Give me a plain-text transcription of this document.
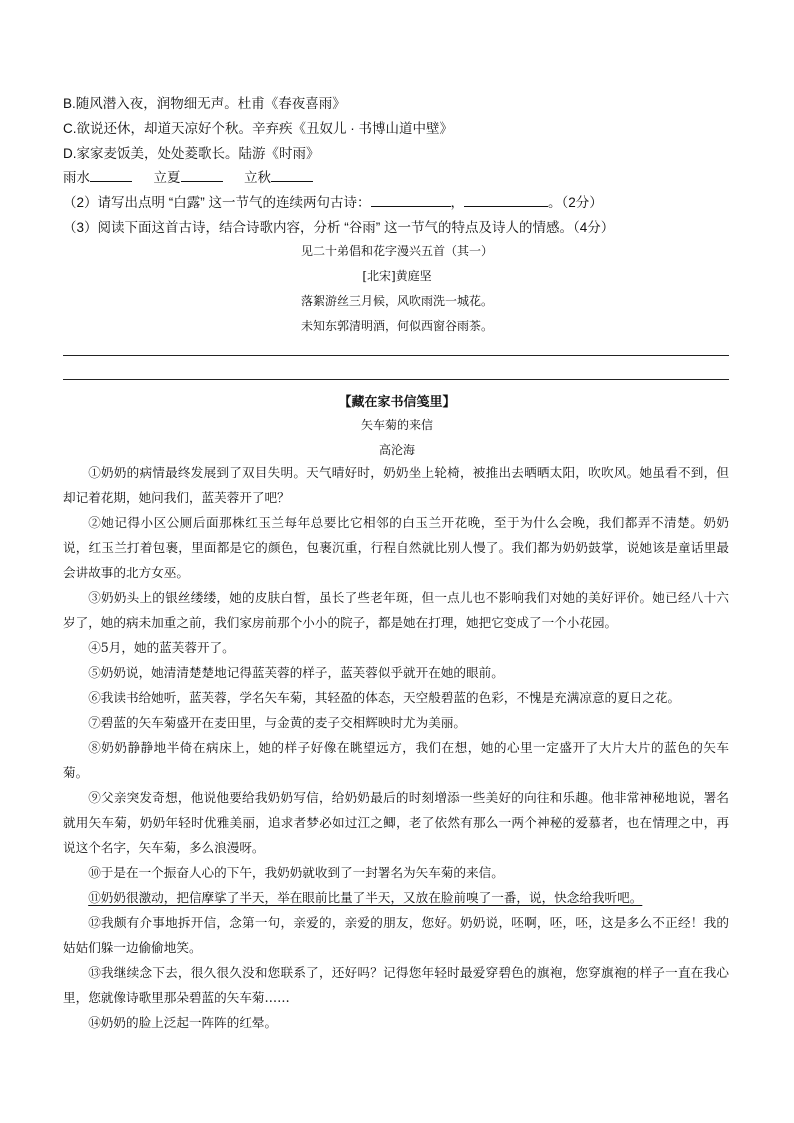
B.随风潜入夜，润物细无声。杜甫《春夜喜雨》
C.欲说还休，却道天凉好个秋。辛弃疾《丑奴儿 · 书博山道中壁》
D.家家麦饭美，处处菱歌长。陆游《时雨》
雨水	立夏	立秋
（2）请写出点明 “白露” 这一节气的连续两句古诗：	，	。（2分）
（3）阅读下面这首古诗，结合诗歌内容，分析 “谷雨” 这一节气的特点及诗人的情感。（4分）
见二十弟倡和花字漫兴五首（其一）
[北宋]黄庭坚
落絮游丝三月候，风吹雨洗一城花。
未知东郭清明酒，何似西窗谷雨茶。
【藏在家书信笺里】
矢车菊的来信
高沦海
①奶奶的病情最终发展到了双目失明。天气晴好时，奶奶坐上轮椅，被推出去晒晒太阳，吹吹风。她虽看不到，但却记着花期，她问我们，蓝芙蓉开了吧？
②她记得小区公厕后面那株红玉兰每年总要比它相邻的白玉兰开花晚，至于为什么会晚，我们都弄不清楚。奶奶说，红玉兰打着包裹，里面都是它的颜色，包裹沉重，行程自然就比别人慢了。我们都为奶奶鼓掌，说她该是童话里最会讲故事的北方女巫。
③奶奶头上的银丝缕缕，她的皮肤白皙，虽长了些老年斑，但一点儿也不影响我们对她的美好评价。她已经八十六岁了，她的病未加重之前，我们家房前那个小小的院子，都是她在打理，她把它变成了一个小花园。
④5月，她的蓝芙蓉开了。
⑤奶奶说，她清清楚楚地记得蓝芙蓉的样子，蓝芙蓉似乎就开在她的眼前。
⑥我读书给她听，蓝芙蓉，学名矢车菊，其轻盈的体态，天空般碧蓝的色彩，不愧是充满凉意的夏日之花。
⑦碧蓝的矢车菊盛开在麦田里，与金黄的麦子交相辉映时尤为美丽。
⑧奶奶静静地半倚在病床上，她的样子好像在眺望远方，我们在想，她的心里一定盛开了大片大片的蓝色的矢车菊。
⑨父亲突发奇想，他说他要给我奶奶写信，给奶奶最后的时刻增添一些美好的向往和乐趣。他非常神秘地说，署名就用矢车菊，奶奶年轻时优雅美丽，追求者梦必如过江之鲫，老了依然有那么一两个神秘的爱慕者，也在情理之中，再说这个名字，矢车菊，多么浪漫呀。
⑩于是在一个振奋人心的下午，我奶奶就收到了一封署名为矢车菊的来信。
⑪奶奶很激动，把信摩挲了半天，举在眼前比量了半天，又放在脸前嗅了一番，说，快念给我听吧。
⑫我颇有介事地拆开信，念第一句，亲爱的，亲爱的朋友，您好。奶奶说，呸啊，呸，呸，这是多么不正经！我的姑姑们躲一边偷偷地笑。
⑬我继续念下去，很久很久没和您联系了，还好吗？记得您年轻时最爱穿碧色的旗袍，您穿旗袍的样子一直在我心里，您就像诗歌里那朵碧蓝的矢车菊……
⑭奶奶的脸上泛起一阵阵的红晕。
